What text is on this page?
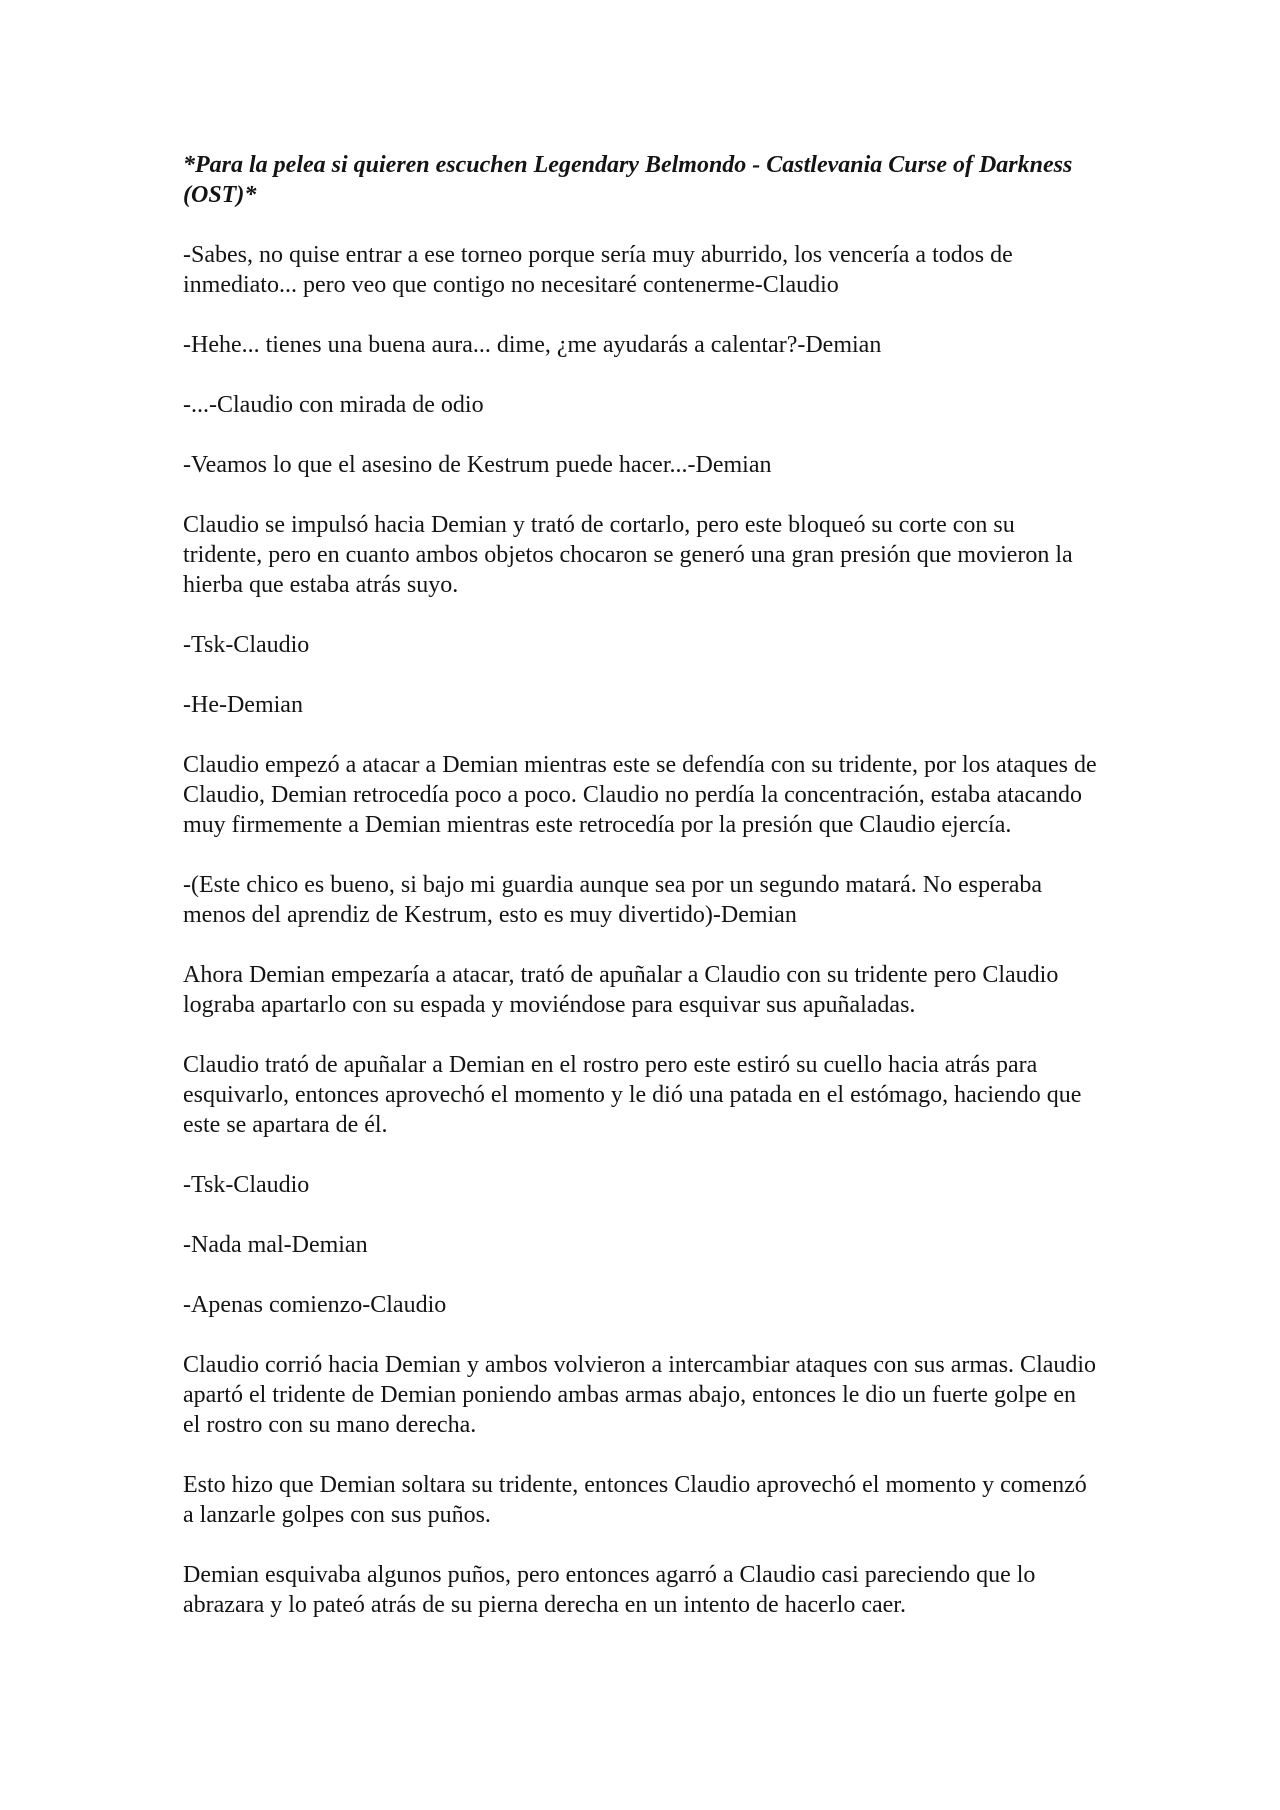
*Para la pelea si quieren escuchen Legendary Belmondo - Castlevania Curse of Darkness (OST)*

-Sabes, no quise entrar a ese torneo porque sería muy aburrido, los vencería a todos de inmediato... pero veo que contigo no necesitaré contenerme-Claudio

-Hehe... tienes una buena aura... dime, ¿me ayudarás a calentar?-Demian

-...-Claudio con mirada de odio

-Veamos lo que el asesino de Kestrum puede hacer...-Demian

Claudio se impulsó hacia Demian y trató de cortarlo, pero este bloqueó su corte con su tridente, pero en cuanto ambos objetos chocaron se generó una gran presión que movieron la hierba que estaba atrás suyo.

-Tsk-Claudio

-He-Demian

Claudio empezó a atacar a Demian mientras este se defendía con su tridente, por los ataques de Claudio, Demian retrocedía poco a poco. Claudio no perdía la concentración, estaba atacando muy firmemente a Demian mientras este retrocedía por la presión que Claudio ejercía.

-(Este chico es bueno, si bajo mi guardia aunque sea por un segundo matará. No esperaba menos del aprendiz de Kestrum, esto es muy divertido)-Demian

Ahora Demian empezaría a atacar, trató de apuñalar a Claudio con su tridente pero Claudio lograba apartarlo con su espada y moviéndose para esquivar sus apuñaladas.

Claudio trató de apuñalar a Demian en el rostro pero este estiró su cuello hacia atrás para esquivarlo, entonces aprovechó el momento y le dió una patada en el estómago, haciendo que este se apartara de él.

-Tsk-Claudio

-Nada mal-Demian

-Apenas comienzo-Claudio

Claudio corrió hacia Demian y ambos volvieron a intercambiar ataques con sus armas. Claudio apartó el tridente de Demian poniendo ambas armas abajo, entonces le dio un fuerte golpe en el rostro con su mano derecha.

Esto hizo que Demian soltara su tridente, entonces Claudio aprovechó el momento y comenzó a lanzarle golpes con sus puños.

Demian esquivaba algunos puños, pero entonces agarró a Claudio casi pareciendo que lo abrazara y lo pateó atrás de su pierna derecha en un intento de hacerlo caer.
